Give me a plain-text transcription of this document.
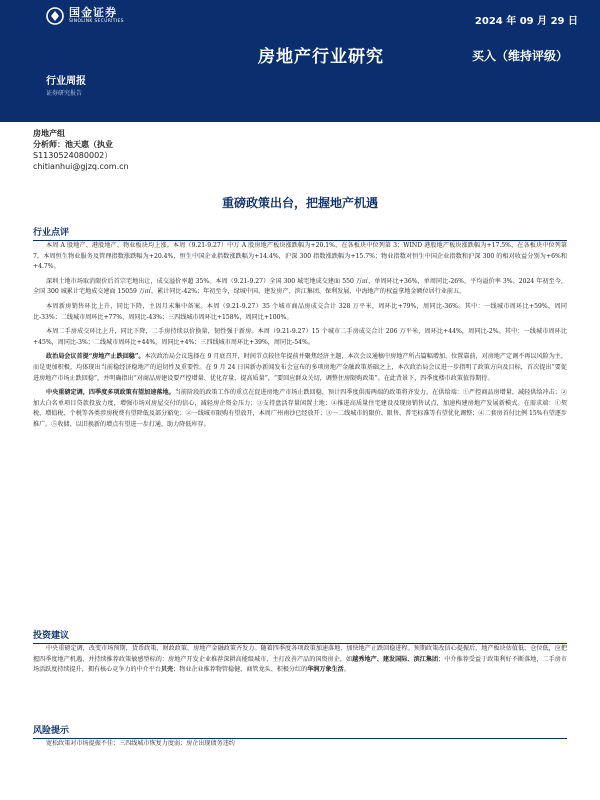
国金证券
SINOLINK SECURITIES	2024 年 09 月 29 日
房地产行业研究	买入（维持评级）
行业周报
证券研究报告
房地产组
分析师：池天惠（执业
S1130524080002）
chitianhui@gjzq.com.cn
重磅政策出台，把握地产机遇
行业点评

本周 A 股地产、港股地产、物业板块均上涨。本周（9.21-9.27）中万 A 股房地产板块涨跌幅为+20.1%，在各板块中位列第 3；WIND 港股地产板块涨跌幅为+17.5%，在各板块中位列第 7。本周恒生物业服务及管理指数涨跌幅为+20.4%，恒生中国企业指数涨跌幅为+14.4%，沪深 300 指数涨跌幅为+15.7%；物业指数对恒生中国企业指数和沪深 300 的相对收益分别为+6%和+4.7%。

深圳土地市场取消限价后首宗宅地出让，成交溢价率超 35%。本周（9.21-9.27）全国 300 城宅地成交建面 550 万㎡，单周环比+36%，单周同比-26%，平均溢价率 3%。2024 年初至今，全国 300 城累计宅地成交建面 15059 万㎡，累计同比-42%；年初至今，绿城中国、建发房产、滨江集团、保利发展、中海地产的权益拿地金额位居行业前五。

本周新房销售环比上升，同比下降，主因月末集中备案。本周（9.21-9.27）35 个城市商品房成交合计 328 万平米，周环比+79%，周同比-36%。其中：一线城市周环比+59%，周同比-33%；二线城市周环比+77%，周同比-43%；三四线城市周环比+158%，周同比+100%。

本周二手房成交环比上升，同比下降，二手房持续以价换量，韧性强于新房。本周（9.21-9.27）15 个城市二手房成交合计 206 万平米，周环比+44%，周同比-2%。其中：一线城市周环比+45%，周同比-3%；二线城市周环比+44%，周同比+4%；三四线城市周环比+39%，周同比-54%。

政治局会议首提“房地产止跌回稳”。本次政治局会议选择在 9 月底召开，时间节点较往年提前并聚焦经济主题，本次会议通稿中房地产所占篇幅增加、位置靠前，对房地产定调不再以风险为主，而是更加积极，均体现出当前稳经济稳地产的迫切性及重要性。在 9 月 24 日国新办新闻发布会宣布的多项房地产金融政策基础之上，本次政治局会议进一步指明了政策方向及目标，首次提出“要促进房地产市场止跌回稳”，并明确指出“对商品房建设要严控增量、优化存量、提高质量”，“要回应群众关切，调整住房限购政策”。在此背景下，四季度楼市政策值得期待。

中央重磅定调，四季度多项政策有望加速落地。当前阶段的政策工作的重点在促进房地产市场止跌回稳，预计四季度供需两端的政策将齐发力。在供给端：①严控商品房增量，减轻供给冲击；②加大白名单项目贷款投放力度，增强市场对房屋交付的信心，减轻房企资金压力；③支持盘活存量闲置土地；④推进高质量住宅建设及现房销售试点，加速构建房地产发展新模式。在需求端：①契税、增值税、个税等各类涉房税费有望降低及部分豁免；②一线城市限购有望放开，本周广州南沙已经放开；③一二线城市的限价、限售、普宅标准等有望优化调整；④二套房首付比例 15%有望逐步推广。⑤收储、以旧换新的增点有望进一步打通，助力降低库存。

投资建议

中央重磅定调，改变市场预期，货币政策、财政政策、房地产金融政策齐发力。随着四季度各项政策加速落地，加快地产止跌回稳进程。预期政策改信心提振后，地产板块估值低、仓位低，应把握四季度地产机遇，并持续推荐政策敏感型标的：房地产开发企业推荐深耕高能级城市、主打改善产品的国资房企，如越秀地产、建发国际、滨江集团；中介推荐受益于政策利好不断落地，二手房市场活跃度持续提升，拥有核心竞争力的中介平台贝壳；物业企业推荐物管稳健、商管龙头、积极分红的华润万象生活。

风险提示

宽松政策对市场提振不佳；三四线城市恢复力度弱；房企出现债务违约
